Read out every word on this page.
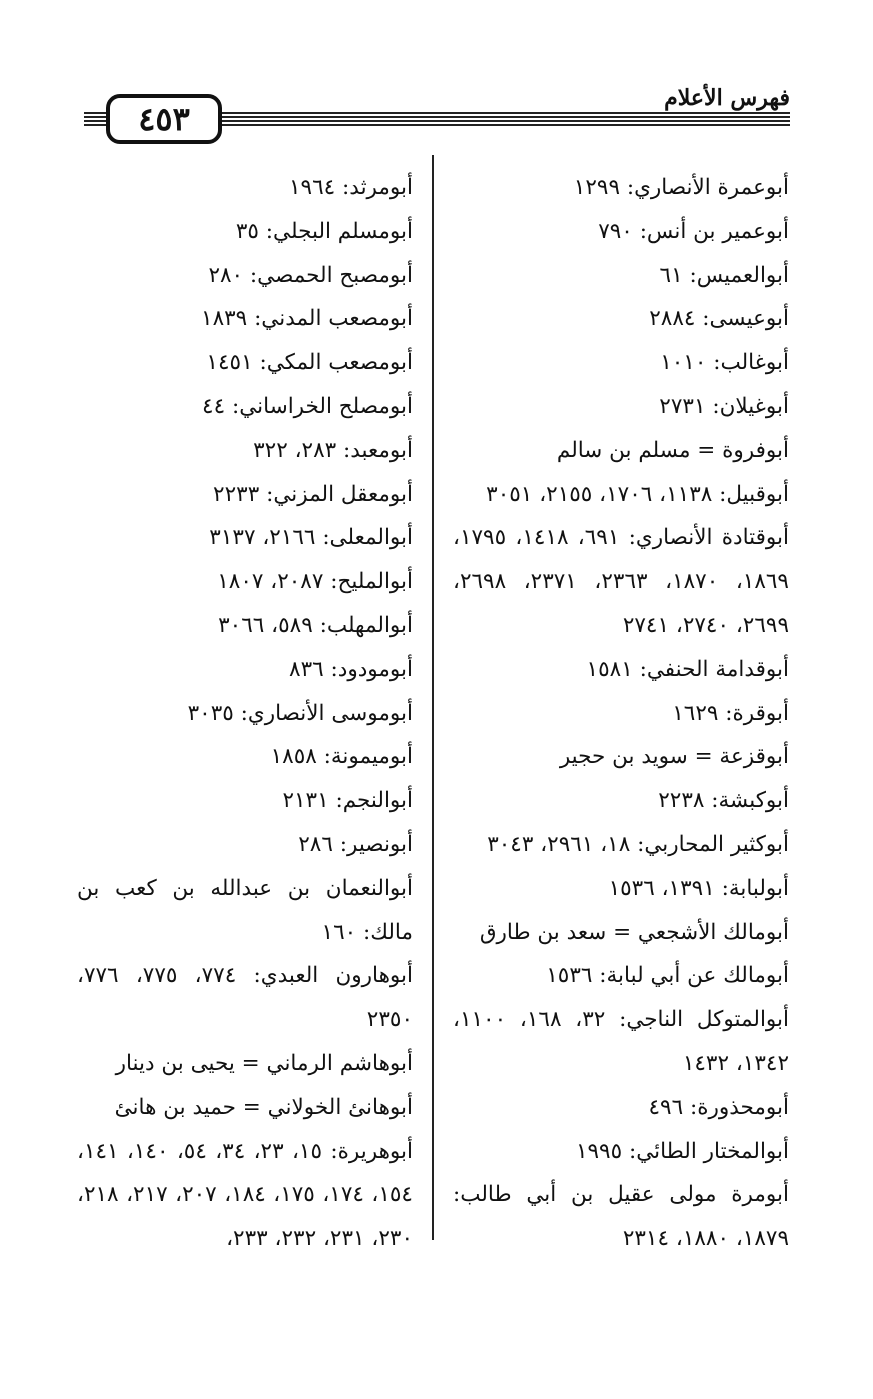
٤٥٣
فهرس الأعلام

أبوعمرة الأنصاري: ١٢٩٩

أبوعمير بن أنس: ٧٩٠

أبوالعميس: ٦١

أبوعيسى: ٢٨٨٤

أبوغالب: ١٠١٠

أبوغيلان: ٢٧٣١

أبوفروة = مسلم بن سالم

أبوقبيل: ١١٣٨، ١٧٠٦، ٢١٥٥، ٣٠٥١

أبوقتادة الأنصاري: ٦٩١، ١٤١٨، ١٧٩٥، ١٨٦٩، ١٨٧٠، ٢٣٦٣، ٢٣٧١، ٢٦٩٨، ٢٦٩٩، ٢٧٤٠، ٢٧٤١

أبوقدامة الحنفي: ١٥٨١

أبوقرة: ١٦٢٩

أبوقزعة = سويد بن حجير

أبوكبشة: ٢٢٣٨

أبوكثير المحاربي: ١٨، ٢٩٦١، ٣٠٤٣

أبولبابة: ١٣٩١، ١٥٣٦

أبومالك الأشجعي = سعد بن طارق

أبومالك عن أبي لبابة: ١٥٣٦

أبوالمتوكل الناجي: ٣٢، ١٦٨، ١١٠٠، ١٣٤٢، ١٤٣٢

أبومحذورة: ٤٩٦

أبوالمختار الطائي: ١٩٩٥

أبومرة مولى عقيل بن أبي طالب: ١٨٧٩، ١٨٨٠، ٢٣١٤

أبومرثد: ١٩٦٤

أبومسلم البجلي: ٣٥

أبومصبح الحمصي: ٢٨٠

أبومصعب المدني: ١٨٣٩

أبومصعب المكي: ١٤٥١

أبومصلح الخراساني: ٤٤

أبومعبد: ٢٨٣، ٣٢٢

أبومعقل المزني: ٢٢٣٣

أبوالمعلى: ٢١٦٦، ٣١٣٧

أبوالمليح: ٢٠٨٧، ١٨٠٧

أبوالمهلب: ٥٨٩، ٣٠٦٦

أبومودود: ٨٣٦

أبوموسى الأنصاري: ٣٠٣٥

أبوميمونة: ١٨٥٨

أبوالنجم: ٢١٣١

أبونصير: ٢٨٦

أبوالنعمان بن عبدالله بن كعب بن مالك: ١٦٠

أبوهارون العبدي: ٧٧٤، ٧٧٥، ٧٧٦، ٢٣٥٠

أبوهاشم الرماني = يحيى بن دينار

أبوهانئ الخولاني = حميد بن هانئ

أبوهريرة: ١٥، ٢٣، ٣٤، ٥٤، ١٤٠، ١٤١، ١٥٤، ١٧٤، ١٧٥، ١٨٤، ٢٠٧، ٢١٧، ٢١٨، ٢٣٠، ٢٣١، ٢٣٢، ٢٣٣،
